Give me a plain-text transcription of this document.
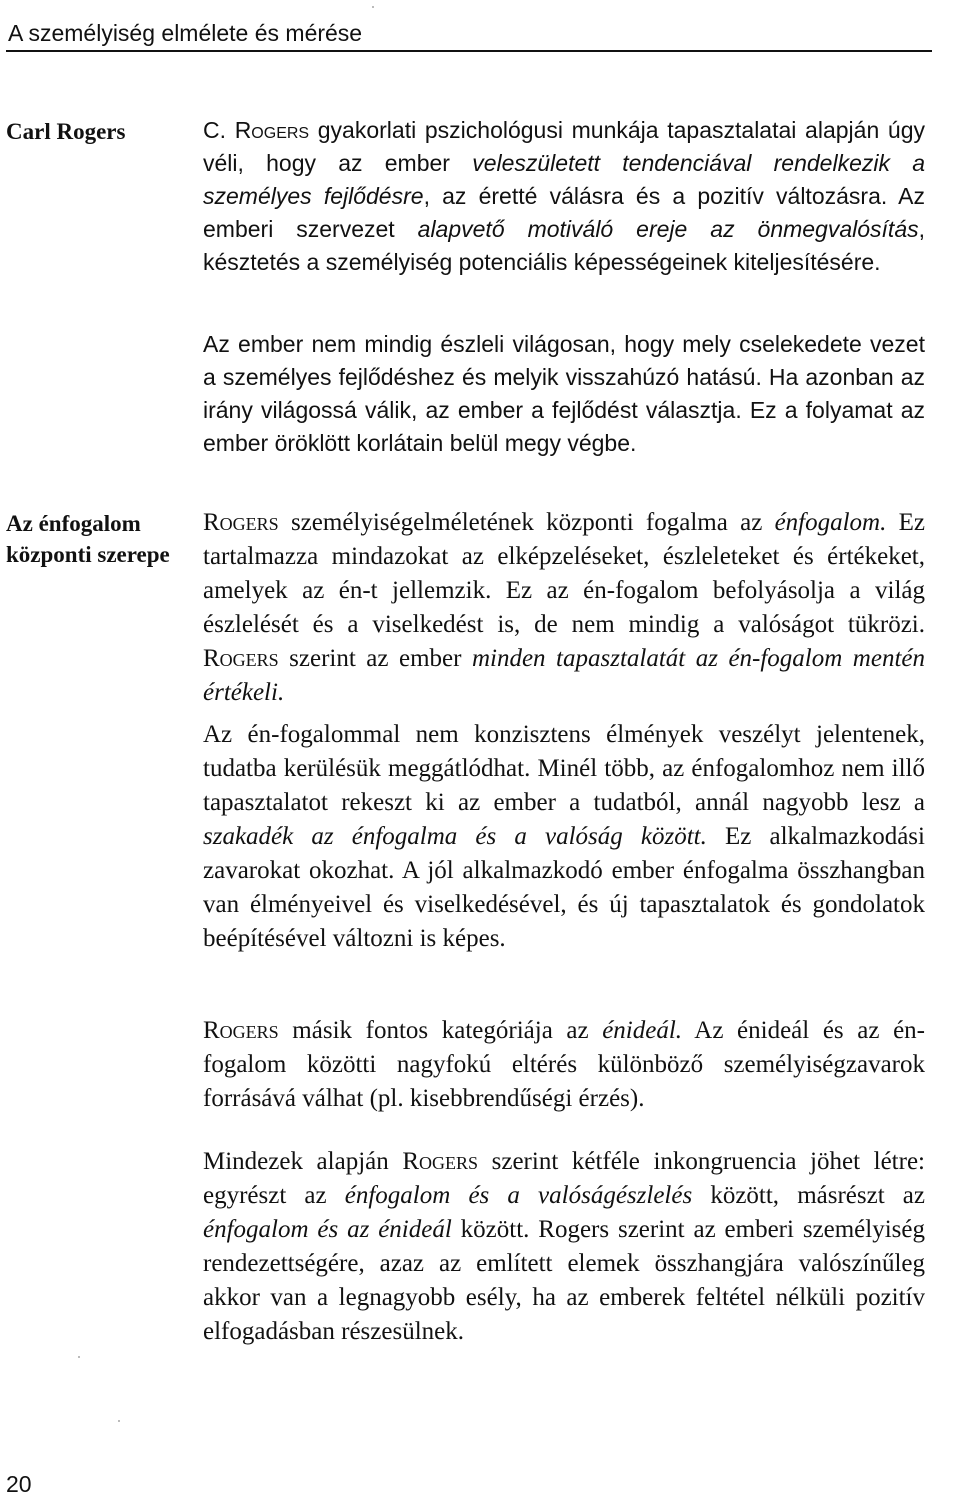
A személyiség elmélete és mérése
Carl Rogers	C. Rogers gyakorlati pszichológusi munkája tapasztalatai alapján úgy véli, hogy az ember veleszületett tendenciával rendelkezik a személyes fejlődésre, az éretté válásra és a pozitív változásra. Az emberi szervezet alapvető motiváló ereje az önmegvalósítás, késztetés a személyiség potenciális képességeinek kiteljesítésére.
Az ember nem mindig észleli világosan, hogy mely cselekedete vezet a személyes fejlődéshez és melyik visszahúzó hatású. Ha azonban az irány világossá válik, az ember a fejlődést választja. Ez a folyamat az ember öröklött korlátain belül megy végbe.
Az énfogalom
központi szerepe
Rogers személyiségelméletének központi fogalma az énfogalom. Ez tartalmazza mindazokat az elképzeléseket, észleleteket és értékeket, amelyek az én-t jellemzik. Ez az én-fogalom befolyásolja a világ észlelését és a viselkedést is, de nem mindig a valóságot tükrözi. Rogers szerint az ember minden tapasztalatát az én-fogalom mentén értékeli.
Az én-fogalommal nem konzisztens élmények veszélyt jelentenek, tudatba kerülésük meggátlódhat. Minél több, az énfogalomhoz nem illő tapasztalatot rekeszt ki az ember a tudatból, annál nagyobb lesz a szakadék az énfogalma és a valóság között. Ez alkalmazkodási zavarokat okozhat. A jól alkalmazkodó ember énfogalma összhangban van élményeivel és viselkedésével, és új tapasztalatok és gondolatok beépítésével változni is képes.
Rogers másik fontos kategóriája az énideál. Az énideál és az én-fogalom közötti nagyfokú eltérés különböző személyiségzavarok forrásává válhat (pl. kisebbrendűségi érzés).
Mindezek alapján Rogers szerint kétféle inkongruencia jöhet létre: egyrészt az énfogalom és a valóságészlelés között, másrészt az énfogalom és az énideál között. Rogers szerint az emberi személyiség rendezettségére, azaz az említett elemek összhangjára valószínűleg akkor van a legnagyobb esély, ha az emberek feltétel nélküli pozitív elfogadásban részesülnek.
20
